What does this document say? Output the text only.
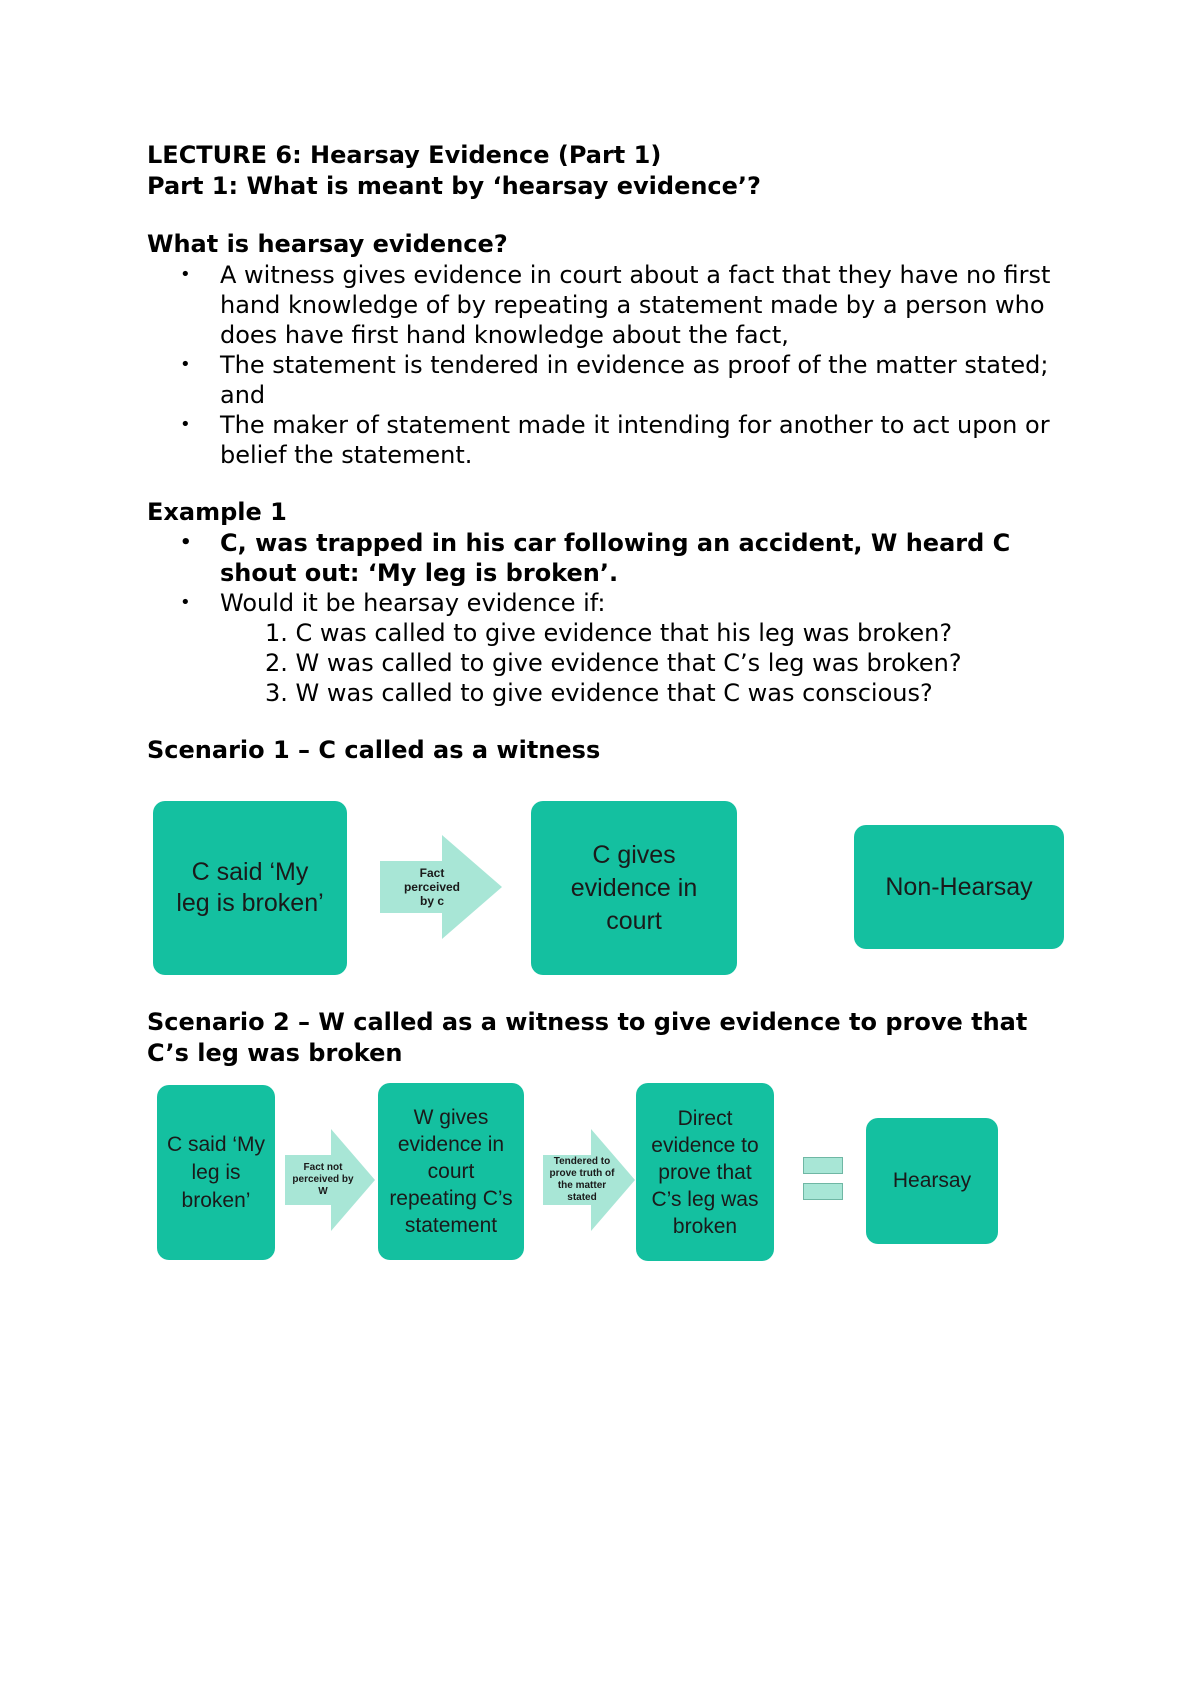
LECTURE 6: Hearsay Evidence (Part 1)

Part 1: What is meant by ‘hearsay evidence’?

What is hearsay evidence?

• A witness gives evidence in court about a fact that they have no first hand knowledge of by repeating a statement made by a person who does have first hand knowledge about the fact,
• The statement is tendered in evidence as proof of the matter stated; and
• The maker of statement made it intending for another to act upon or belief the statement.

Example 1

• C, was trapped in his car following an accident, W heard C shout out: ‘My leg is broken’.
• Would it be hearsay evidence if:
1. C was called to give evidence that his leg was broken?
2. W was called to give evidence that C’s leg was broken?
3. W was called to give evidence that C was conscious?

Scenario 1 – C called as a witness

C said ‘My leg is broken’
Fact perceived by c
C gives evidence in court
Non-Hearsay

Scenario 2 – W called as a witness to give evidence to prove that C’s leg was broken

C said ‘My leg is broken’
Fact not perceived by W
W gives evidence in court repeating C’s statement
Tendered to prove truth of the matter stated
Direct evidence to prove that C’s leg was broken
Hearsay
